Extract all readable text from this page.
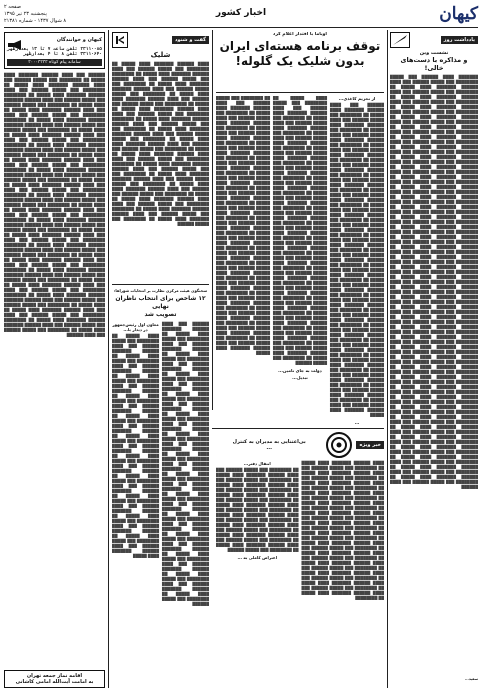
کیهان
اخبار کشور
صفحه ۲
پنجشنبه ۲۳ تیر ۱۳۹۵
۸ شوال ۱۴۳۷ - شماره ۲۱۳۸۱
یادداشت روز
نشست وین
و مذاکره با دست‌های خالی!
███████ ████ ██████ ███ █████ ████████ ███ █████ ██████ ███ ████ ██████ ███████ ████ █████ ██ ████████ ███ █████ ██████ ███ ████ ██████ ███████ ████ █████ ██ ████████ ███ █████ ██████ ███ ████ ██████ ███████ ████ █████ ██ ████████ ███ █████ ██████ ███ ████ ██████ ███████ ████ █████ ██ ████████ ███ █████ ██████ ███ ████ ██████ ███████ ████ █████ ██ ████████ ███ █████ ██████ ███ ████ ██████ ███████ ████ █████ ██ ████████ ███ █████ ██████ ███ ████ ██████ ███████ ████ █████ ██ ████████ ███ █████ ██████ ███ ████ ██████ ███████ ████ █████ ██ ████████ ███ █████ ██████ ███ ████ ██████ ███████ ████ █████ ██ ████████ ███ █████ ██████ ███ ████ ██████ ███████ ████ █████ ██ ████████ ███ █████ ██████ ███ ████ ██████ ███████ ████ █████ ██ ████████ ███ █████ ██████ ███ ████ ██████ ███████ ████ █████ ██ ████████ ███ █████ ██████ ███ ████ ██████ ███████ ████ █████ ██ ████████ ███ █████ ██████ ███ ████ ██████ ███████ ████ █████ ██ ████████ ███ █████ ██████ ███ ████ ██████ ███████ ████ █████ ██ ████████ ███ █████ ██████ ███ ████ ██████ ███████ ████ █████ ██ ████████ ███ █████ ██████ ███ ████ ██████ ███████ ████ █████ ██ ████████ ███ █████ ██████ ███ ████ ██████ ███████ ████ █████ ██ ████████ ███ █████ ██████ ███ ████ ██████ ███████ ████ █████ ██ ████████ ███ █████ ██████ ███ ████ ██████ ███████ ████ █████ ██ ████████ ███ █████ ██████ ███ ████ ██████ ███████ ████ █████ ██ ████████ ███ █████ ██████ ███ ████ ██████ ███████ ████ █████ ██ ████████ ███ █████ ██████ ███ ████ ██████ ███████ ████ █████ ██ ████████ ███ █████ ██████ ███ ████ ██████ ███████ ████ █████ ██ ████████ ███ █████ ██████ ███ ████ ██████ ███████ ████ █████ ██ ████████ ███ █████ ██████ ███ ████ ██████ ███████ ████ █████ ██ ████████ ███ █████ ██████ ███ ████ ██████ ███████ ████ █████ ██ ████████ ███ █████ ██████ ███ ████ ██████ ███████ ████ █████ ██ ████████ ███ █████ ██████ ███ ████ ██████ ███████ ████ █████ ██ ████████ ███ █████ ██████ ███ ████ ██████ ███████ ████ █████ ██ ████████ ███ █████ ██████ ███ ████ ██████ ███████ ████ █████ ██ ████████ ███ █████ ██████ ███ ████ ██████ ███████ ████ █████ ██ ████████ ███ █████ ██████ ███ ████ ██████ ███████ ████ █████ ██ ████████ ███ █████ ██████ ███ ████ ██████ ███████ ████ █████ ██ ████████ ███ █████ ██████ ███ ████ ██████ ███████ ████ █████ ██ ████████ ███ █████ ██████ ███ ████ ██████ ███████ ████ █████ ██ ████████ ███ █████ ██████ ███ ████ ██████ ███████ ████ █████ ██ ████████ ███ █████ ██████ ███ ████ ██████ ███████ ████ █████ ██ ████████ ███ █████ ██████ ███ ████ ██████ ███████ ████ █████ ██ ████████ ███ █████ ██████ ███ ████ ██████ ███████ ████ █████ ██ ████████ ███ █████ ██████ ███ ████ ██████
سعید...
اوباما با اقتدار اعلام کرد
توقف برنامه هسته‌ای ایران
بدون شلیک یک گلوله!
از تحریم کاغذی...
██████ ███ ████ ██████ ███████ ████ █████ ██ ████████ ███ █████ ██████ ███ ████ ██████ ███████ ████ █████ ██ ████████ ███ █████ ██████ ███ ████ ██████ ███████ ████ █████ ██ ████████ ███ █████ ██████ ███ ████ ██████ ███████ ████ █████ ██ ████████ ███ █████ ██████ ███ ████ ██████ ███████ ████ █████ ██ ████████ ███ █████ ██████ ███ ████ ██████ ███████ ████ █████ ██ ████████ ███ █████ ██████ ███ ████ ██████ ███████ ████ █████ ██ ████████ ███ █████ ██████ ███ ████ ██████ ███████ ████ █████ ██ ████████ ███ █████ ██████ ███ ████ ██████ ███████ ████ █████ ██ ████████ ███ █████ ██████ ███ ████ ██████ ███████ ████ █████ ██ ████████ ███ █████ ██████ ███ ████ ██████ ███████ ████ █████ ██ ████████ ███ █████ ██████ ███ ████ ██████ ███████ ████ █████ ██ ████████ ███ █████ ██████ ███ ████ ██████ ███████ ████ █████ ██ ████████ ███ █████ ██████ ███ ████ ██████ ███████ ████ █████ ██ ████████ ███ █████ ██████ ███ ████ ██████ ███████ ████ █████ ██ ████████ ███ █████ ██████ ███ ████ ██████ ███████ ████ █████ ██ ████████ ███ █████ ██████ ███ ████ ██████ ███████ ████ █████ ██ ████████ ███ █████ ██████ ███ ████ ██████ ███████ ████ █████ ██ ████████ ███ █████ ██████ ███ ████ ██████ ███████ ████ █████ ██ ████████ ███ █████ ██████ ███ ████ ██████ ███████ ████ █████ ██ ████████ ███ █████ ██████ ███ ████ ██████ ███████ ████ █████
...
████ █████ ██ ████████ ███ █████ ██████ ███ ████ ██████ ███████ ████ █████ ██ ████████ ███ █████ ██████ ███ ████ ██████ ███████ ████ █████ ██ ████████ ███ █████ ██████ ███ ████ ██████ ███████ ████ █████ ██ ████████ ███ █████ ██████ ███ ████ ██████ ███████ ████ █████ ██ ████████ ███ █████ ██████ ███ ████ ██████ ███████ ████ █████ ██ ████████ ███ █████ ██████ ███ ████ ██████ ███████ ████ █████ ██ ████████ ███ █████ ██████ ███ ████ ██████ ███████ ████ █████ ██ ████████ ███ █████ ██████ ███ ████ ██████ ███████ ████ █████ ██ ████████ ███ █████ ██████ ███ ████ ██████ ███████ ████ █████ ██ ████████ ███ █████ ██████ ███ ████ ██████ ███████ ████ █████ ██ ████████ ███ █████ ██████ ███ ████ ██████ ███████ ████ █████ ██ ████████ ███ █████ ██████ ███ ████ ██████ ███████ ████ █████ ██ ████████ ███ █████ ██████ ███ ████ ██████ ███████ ████ █████ ██ ████████ ███ █████ ██████ ███ ████ ██████ ███████ ████ █████ ██ ████████ ███ █████ ██████ ███ ████ ██████ ███████ ████ █████ ██ ████████ ███ █████ ██████ ███ ████ ██████ ███████ ████ █████ ██ ████████ ███ █████ ██████ ███ ████ ██████ ███████ ████ █████ ██ ████████ ███ █████ ██████
دولت به جای تامین...
تبدیل...
██ ████████ ███ █████ ██████ ███ ████ ██████ ███████ ████ █████ ██ ████████ ███ █████ ██████ ███ ████ ██████ ███████ ████ █████ ██ ████████ ███ █████ ██████ ███ ████ ██████ ███████ ████ █████ ██ ████████ ███ █████ ██████ ███ ████ ██████ ███████ ████ █████ ██ ████████ ███ █████ ██████ ███ ████ ██████ ███████ ████ █████ ██ ████████ ███ █████ ██████ ███ ████ ██████ ███████ ████ █████ ██ ████████ ███ █████ ██████ ███ ████ ██████ ███████ ████ █████ ██ ████████ ███ █████ ██████ ███ ████ ██████ ███████ ████ █████ ██ ████████ ███ █████ ██████ ███ ████ ██████ ███████ ████ █████ ██ ████████ ███ █████ ██████ ███ ████ ██████ ███████ ████ █████ ██ ████████ ███ █████ ██████ ███ ████ ██████ ███████ ████ █████ ██ ████████ ███ █████ ██████ ███ ████ ██████ ███████ ████ █████ ██ ████████ ███ █████ ██████ ███ ████ ██████ ███████ ████ █████ ██ ████████ ███ █████ ██████ ███ ████ ██████ ███████ ████ █████ ██ ████████ ███ █████ ██████ ███ ████ ██████ ███████ ████ █████ ██ ████████ ███ █████ ██████ ███ ████ ██████ ███████ ████ █████ ██ ████████ ███ █████ ██████ ███ ████ ██████ ███████ ████ █████
گفت و شنود
شلیک
████ ██████ ███████ ████ █████ ██ ████████ ███ █████ ██████ ███ ████ ██████ ███████ ████ █████ ██ ████████ ███ █████ ██████ ███ ████ ██████ ███████ ████ █████ ██ ████████ ███ █████ ██████ ███ ████ ██████ ███████ ████ █████ ██ ████████ ███ █████ ██████ ███ ████ ██████ ███████ ████ █████ ██ ████████ ███ █████ ██████ ███ ████ ██████ ███████ ████ █████ ██ ████████ ███ █████ ██████ ███ ████ ██████ ███████ ████ █████ ██ ████████ ███ █████ ██████ ███ ████ ██████ ███████ ████ █████ ██ ████████ ███ █████ ██████ ███ ████ ██████ ███████ ████ █████ ██ ████████ ███ █████ ██████ ███ ████ ██████ ███████ ████ █████ ██ ████████ ███ █████ ██████ ███ ████ ██████ ███████ ████ █████ ██ ████████ ███ █████ ██████ ███ ████ ██████ ███████ ████ █████ ██ ████████ ███ █████ ██████ ███ ████ ██████ ███████ ████ █████ ██ ████████ ███ █████ ██████ ███ ████ ██████ ███████ ████ █████ ██ ████████ ███ █████ ██████ ███ ████ ██████ ███████ ████ █████ ██ ████████ ███ █████ ██████ ███ ████ ██████ ███████ ████ █████ ██ ████████ ███ █████ ██████ ███ ████ ██████ ███████ ████ █████ ██ ████████ ███ █████ ██████ ███ ████ ██████ ███████ ████ █████ ██ ████████ ███ █████ ██████
سخنگوی هیئت مرکزی نظارت بر انتخابات شوراها:
۱۲ شاخص برای انتخاب ناظران نهایی
تصویب شد
██████ ███ ████ ██████ ███████ ████ █████ ██ ████████ ███ █████ ██████ ███ ████ ██████ ███████ ████ █████ ██ ████████ ███ █████ ██████ ███ ████ ██████ ███████ ████ █████ ██ ████████ ███ █████ ██████ ███ ████ ██████ ███████ ████ █████ ██ ████████ ███ █████ ██████ ███ ████ ██████ ███████ ████ █████ ██ ████████ ███ █████ ██████ ███ ████ ██████ ███████ ████ █████ ██ ████████ ███ █████ ██████ ███ ████ ██████ ███████ ████ █████ ██ ████████ ███ █████ ██████ ███ ████ ██████ ███████ ████ █████ ██ ████████ ███ █████ ██████ ███ ████ ██████ ███████ ████ █████ ██ ████████ ███ █████ ██████ ███ ████ ██████ ███████ ████ █████ ██ ████████ ███ █████ ██████ ███ ████ ██████ ███████ ████ █████ ██ ████████ ███ █████ ██████ ███ ████ ██████ ███████ ████ █████ ██ ████████ ███ █████ ██████ ███ ████ ██████ ███████ ████ █████ ██ ████████ ███ █████ ██████ ███ ████ ██████ ███████ ████ █████ ██ ████████ ███ █████ ██████
معاون اول رئیس‌جمهور در دیدار با...
████ █████ ██ ████████ ███ █████ ██████ ███ ████ ██████ ███████ ████ █████ ██ ████████ ███ █████ ██████ ███ ████ ██████ ███████ ████ █████ ██ ████████ ███ █████ ██████ ███ ████ ██████ ███████ ████ █████ ██ ████████ ███ █████ ██████ ███ ████ ██████ ███████ ████ █████ ██ ████████ ███ █████ ██████ ███ ████ ██████ ███████ ████ █████ ██ ████████ ███ █████ ██████ ███ ████ ██████ ███████ ████ █████ ██ ████████ ███ █████ ██████ ███ ████ ██████ ███████ ████ █████ ██ ████████ ███ █████ ██████ ███ ████ ██████ ███████ ████ █████ ██ ████████ ███ █████ ██████ ███ ████ ██████ ███████ ████ █████ ██ ████████ ███ █████ ██████ ███ ████ ██████ ███████ ████ █████ ██ ████████ ███ █████ ██████ ███ ████ ██████ ███████ ████ █████
خبر ویژه
بی‌اعتنایی به مدیران به کنترل
...
████ ██████ ███████ ████ █████ ██ ████████ ███ █████ ██████ ███ ████ ██████ ███████ ████ █████ ██ ████████ ███ █████ ██████ ███ ████ ██████ ███████ ████ █████ ██ ████████ ███ █████ ██████ ███ ████ ██████ ███████ ████ █████ ██ ████████ ███ █████ ██████ ███ ████ ██████ ███████ ████ █████ ██ ████████ ███ █████ ██████ ███ ████ ██████ ███████ ████ █████ ██ ████████ ███ █████ ██████ ███ ████ ██████ ███████ ████ █████ ██ ████████ ███ █████ ██████ ███ ████ ██████ ███████ ████ █████ ██ ████████ ███ █████ ██████ ███ ████ ██████ ███████ ████ █████ ██ ████████ ███ █████ ██████ ███ ████ ██████ ███████ ████ █████ ██ ████████ ███ █████ ██████ ███ ████ ██████ ███████ ████ █████ ██ ████████ ███ █████ ██████ ███ ████ ██████ ███████ ████ █████ ██ ████████ ███ █████ ██████ ███ ████ ██████ ███████ ████ █████ ██ ████████ ███ █████ ██████ ███ ████ ██████ ███████ ████ █████ ██ ████████
انتقال دفتر...
██ ████████ ███ █████ ██████ ███ ████ ██████ ███████ ████ █████ ██ ████████ ███ █████ ██████ ███ ████ ██████ ███████ ████ █████ ██ ████████ ███ █████ ██████ ███ ████ ██████ ███████ ████ █████ ██ ████████ ███ █████ ██████ ███ ████ ██████ ███████ ████ █████ ██ ████████ ███ █████ ██████ ███ ████ ██████ ███████ ████ █████ ██ ████████ ███ █████ ██████ ███ ████ ██████ ███████ ████ █████ ██ ████████ ███ █████ ██████ ███ ████ ██████ ███████ ████ █████ ██ ████████ ███ █████ ██████ ███ ████ ██████ ███████ ████ █████ ██ ████████ ███ █████ ██████
اعتراض کاملی به ...
کیهان و خوانندگان
۲۳۱۱۰۰۸۵ تلفن ساعت ۷ تا ۱۳ بعدازظهر
۳۳۱۱۰۶۴۰ تلفن ۸ تا ۴ بعدازظهر
سامانه پیام کوتاه ۳۰۰۰۳۳۳۳
██████ ███ ████ ██████ ███████ ████ █████ ██ ████████ ███ █████ ██████ ███ ████ ██████ ███████ ████ █████ ██ ████████ ███ █████ ██████ ███ ████ ██████ ███████ ████ █████ ██ ████████ ███ █████ ██████ ███ ████ ██████ ███████ ████ █████ ██ ████████ ███ █████ ██████ ███ ████ ██████ ███████ ████ █████ ██ ████████ ███ █████ ██████ ███ ████ ██████ ███████ ████ █████ ██ ████████ ███ █████ ██████ ███ ████ ██████ ███████ ████ █████ ██ ████████ ███ █████ ██████ ███ ████ ██████ ███████ ████ █████ ██ ████████ ███ █████ ██████ ███ ████ ██████ ███████ ████ █████ ██ ████████ ███ █████ ██████ ███ ████ ██████ ███████ ████ █████ ██ ████████ ███ █████ ██████ ███ ████ ██████ ███████ ████ █████ ██ ████████ ███ █████ ██████ ███ ████ ██████ ███████ ████ █████ ██ ████████ ███ █████ ██████ ███ ████ ██████ ███████ ████ █████ ██ ████████ ███ █████ ██████ ███ ████ ██████ ███████ ████ █████ ██ ████████ ███ █████ ██████ ███ ████ ██████ ███████ ████ █████ ██ ████████ ███ █████ ██████ ███ ████ ██████ ███████ ████ █████ ██ ████████ ███ █████ ██████ ███ ████ ██████ ███████ ████ █████ ██ ████████ ███ █████ ██████ ███ ████ ██████ ███████ ████ █████ ██ ████████ ███ █████ ██████ ███ ████ ██████ ███████ ████ █████ ██ ████████ ███ █████ ██████ ███ ████ ██████ ███████ ████ █████ ██ ████████ ███ █████ ██████ ███ ████ ██████ ███████ ████ █████ ██ ████████ ███ █████ ██████ ███ ████ ██████ ███████ ████ █████ ██ ████████ ███ █████ ██████ ███ ████ ██████ ███████ ████ █████ ██ ████████ ███ █████ ██████ ███ ████ ██████ ███████ ████ █████ ██ ████████ ███ █████ ██████ ███ ████ ██████ ███████ ████ █████ ██ ████████ ███ █████ ██████ ███ ████ ██████ ███████ ████ █████ ██ ████████ ███ █████ ██████ ███ ████ ██████ ███████ ████ █████ ██ ████████ ███ █████ ██████ ███ ████ ██████ ███████ ████ █████ ██ ████████ ███ █████ ██████ ███ ████ ██████ ███████ ████ █████ ██ ████████ ███ █████ ██████ ███ ████ ██████ ███████ ████ █████ ██ ████████ ███ █████ ██████ ███ ████ ██████ ███████ ████ █████ ██ ████████ ███ █████ ██████ ███ ████ ██████
اقامه نماز جمعه تهران
به امامت آیت‌الله امامی کاشانی
